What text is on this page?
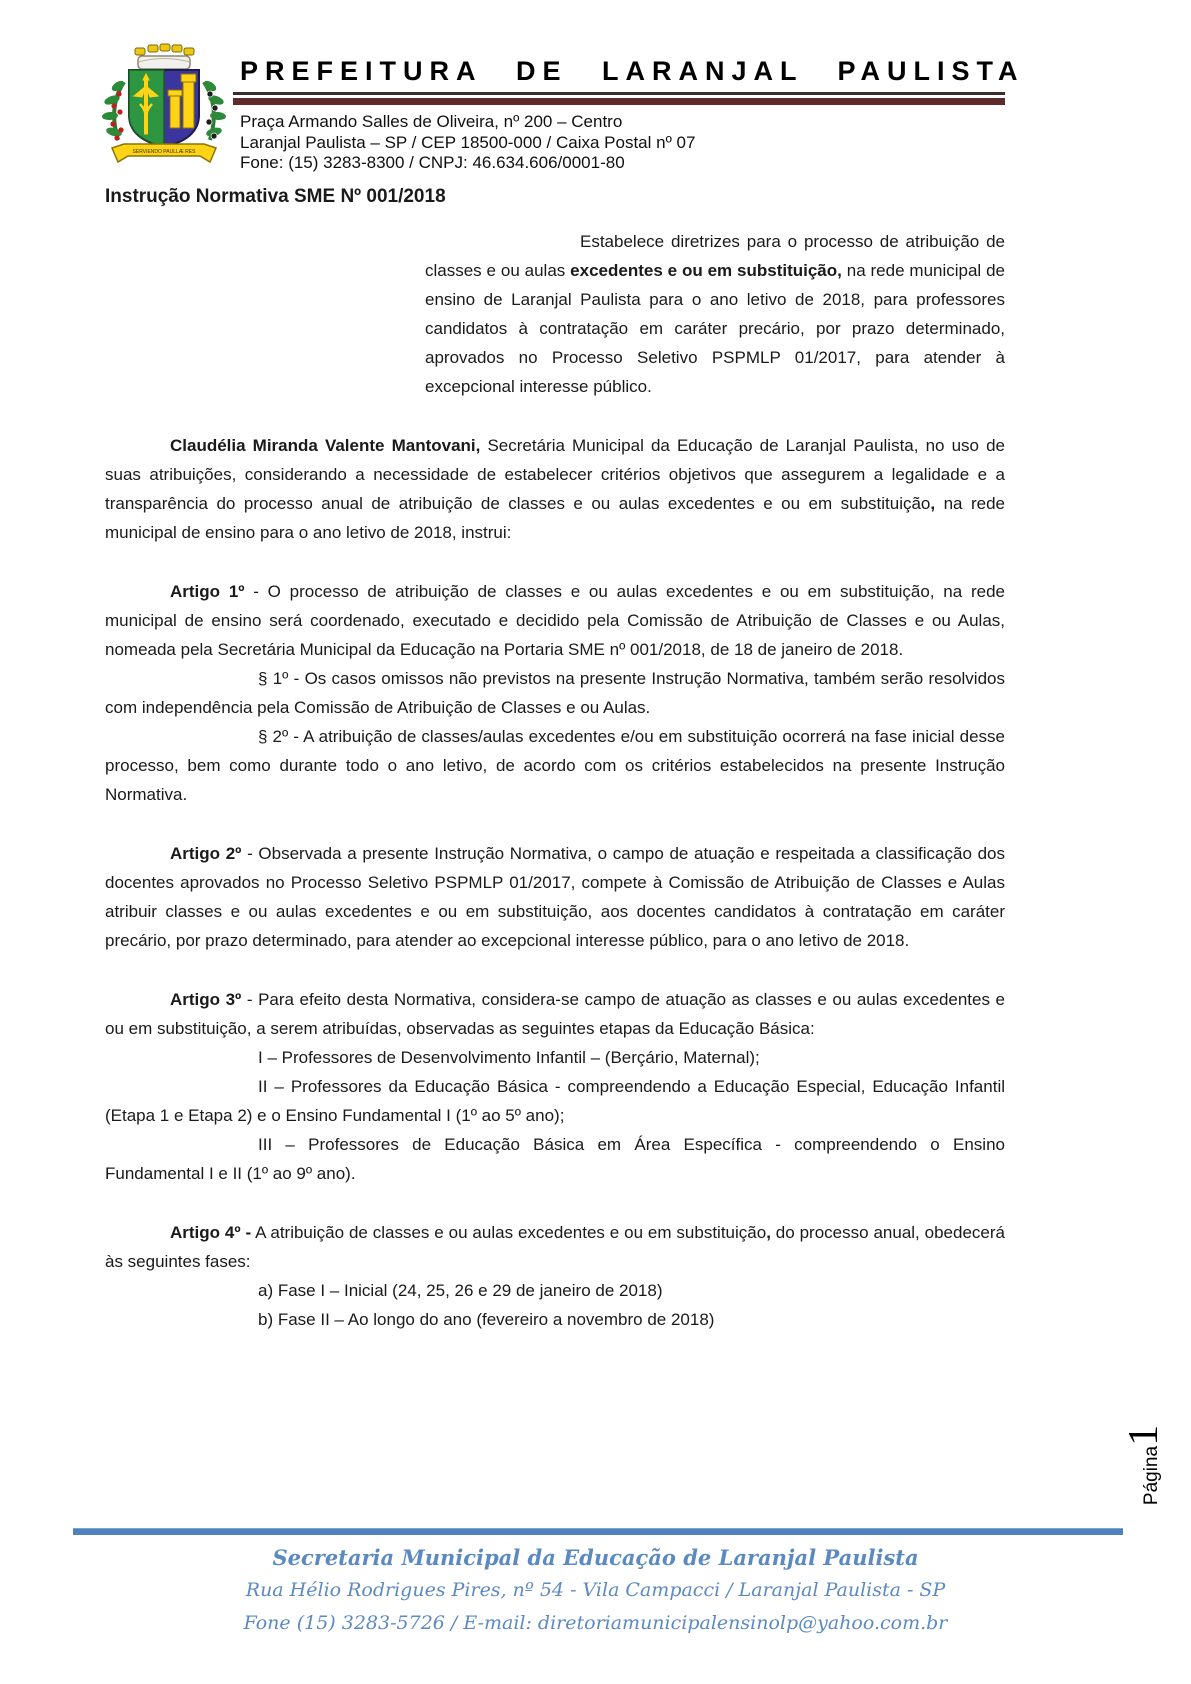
SERVIENDO PAULLÆ RES
PREFEITURA DE LARANJAL PAULISTA
Praça Armando Salles de Oliveira, nº 200 – Centro
Laranjal Paulista – SP / CEP 18500-000 / Caixa Postal nº 07
Fone: (15) 3283-8300 / CNPJ: 46.634.606/0001-80
Instrução Normativa SME Nº 001/2018

Estabelece diretrizes para o processo de atribuição de classes e ou aulas excedentes e ou em substituição, na rede municipal de ensino de Laranjal Paulista para o ano letivo de 2018, para professores candidatos à contratação em caráter precário, por prazo determinado, aprovados no Processo Seletivo PSPMLP 01/2017, para atender à excepcional interesse público.

Claudélia Miranda Valente Mantovani, Secretária Municipal da Educação de Laranjal Paulista, no uso de suas atribuições, considerando a necessidade de estabelecer critérios objetivos que assegurem a legalidade e a transparência do processo anual de atribuição de classes e ou aulas excedentes e ou em substituição, na rede municipal de ensino para o ano letivo de 2018, instrui:

Artigo 1º - O processo de atribuição de classes e ou aulas excedentes e ou em substituição, na rede municipal de ensino será coordenado, executado e decidido pela Comissão de Atribuição de Classes e ou Aulas, nomeada pela Secretária Municipal da Educação na Portaria SME nº 001/2018, de 18 de janeiro de 2018.

§ 1º - Os casos omissos não previstos na presente Instrução Normativa, também serão resolvidos com independência pela Comissão de Atribuição de Classes e ou Aulas.

§ 2º - A atribuição de classes/aulas excedentes e/ou em substituição ocorrerá na fase inicial desse processo, bem como durante todo o ano letivo, de acordo com os critérios estabelecidos na presente Instrução Normativa.

Artigo 2º - Observada a presente Instrução Normativa, o campo de atuação e respeitada a classificação dos docentes aprovados no Processo Seletivo PSPMLP 01/2017, compete à Comissão de Atribuição de Classes e Aulas atribuir classes e ou aulas excedentes e ou em substituição, aos docentes candidatos à contratação em caráter precário, por prazo determinado, para atender ao excepcional interesse público, para o ano letivo de 2018.

Artigo 3º - Para efeito desta Normativa, considera-se campo de atuação as classes e ou aulas excedentes e ou em substituição, a serem atribuídas, observadas as seguintes etapas da Educação Básica:

I – Professores de Desenvolvimento Infantil – (Berçário, Maternal);

II – Professores da Educação Básica - compreendendo a Educação Especial, Educação Infantil (Etapa 1 e Etapa 2) e o Ensino Fundamental I (1º ao 5º ano);

III – Professores de Educação Básica em Área Específica - compreendendo o Ensino Fundamental I e II (1º ao 9º ano).

Artigo 4º - A atribuição de classes e ou aulas excedentes e ou em substituição, do processo anual, obedecerá às seguintes fases:

a) Fase I – Inicial (24, 25, 26 e 29 de janeiro de 2018)

b) Fase II – Ao longo do ano (fevereiro a novembro de 2018)

Página
1
Secretaria Municipal da Educação de Laranjal Paulista
Rua Hélio Rodrigues Pires, nº 54 - Vila Campacci / Laranjal Paulista - SP
Fone (15) 3283-5726 / E-mail: diretoriamunicipalensinolp@yahoo.com.br
